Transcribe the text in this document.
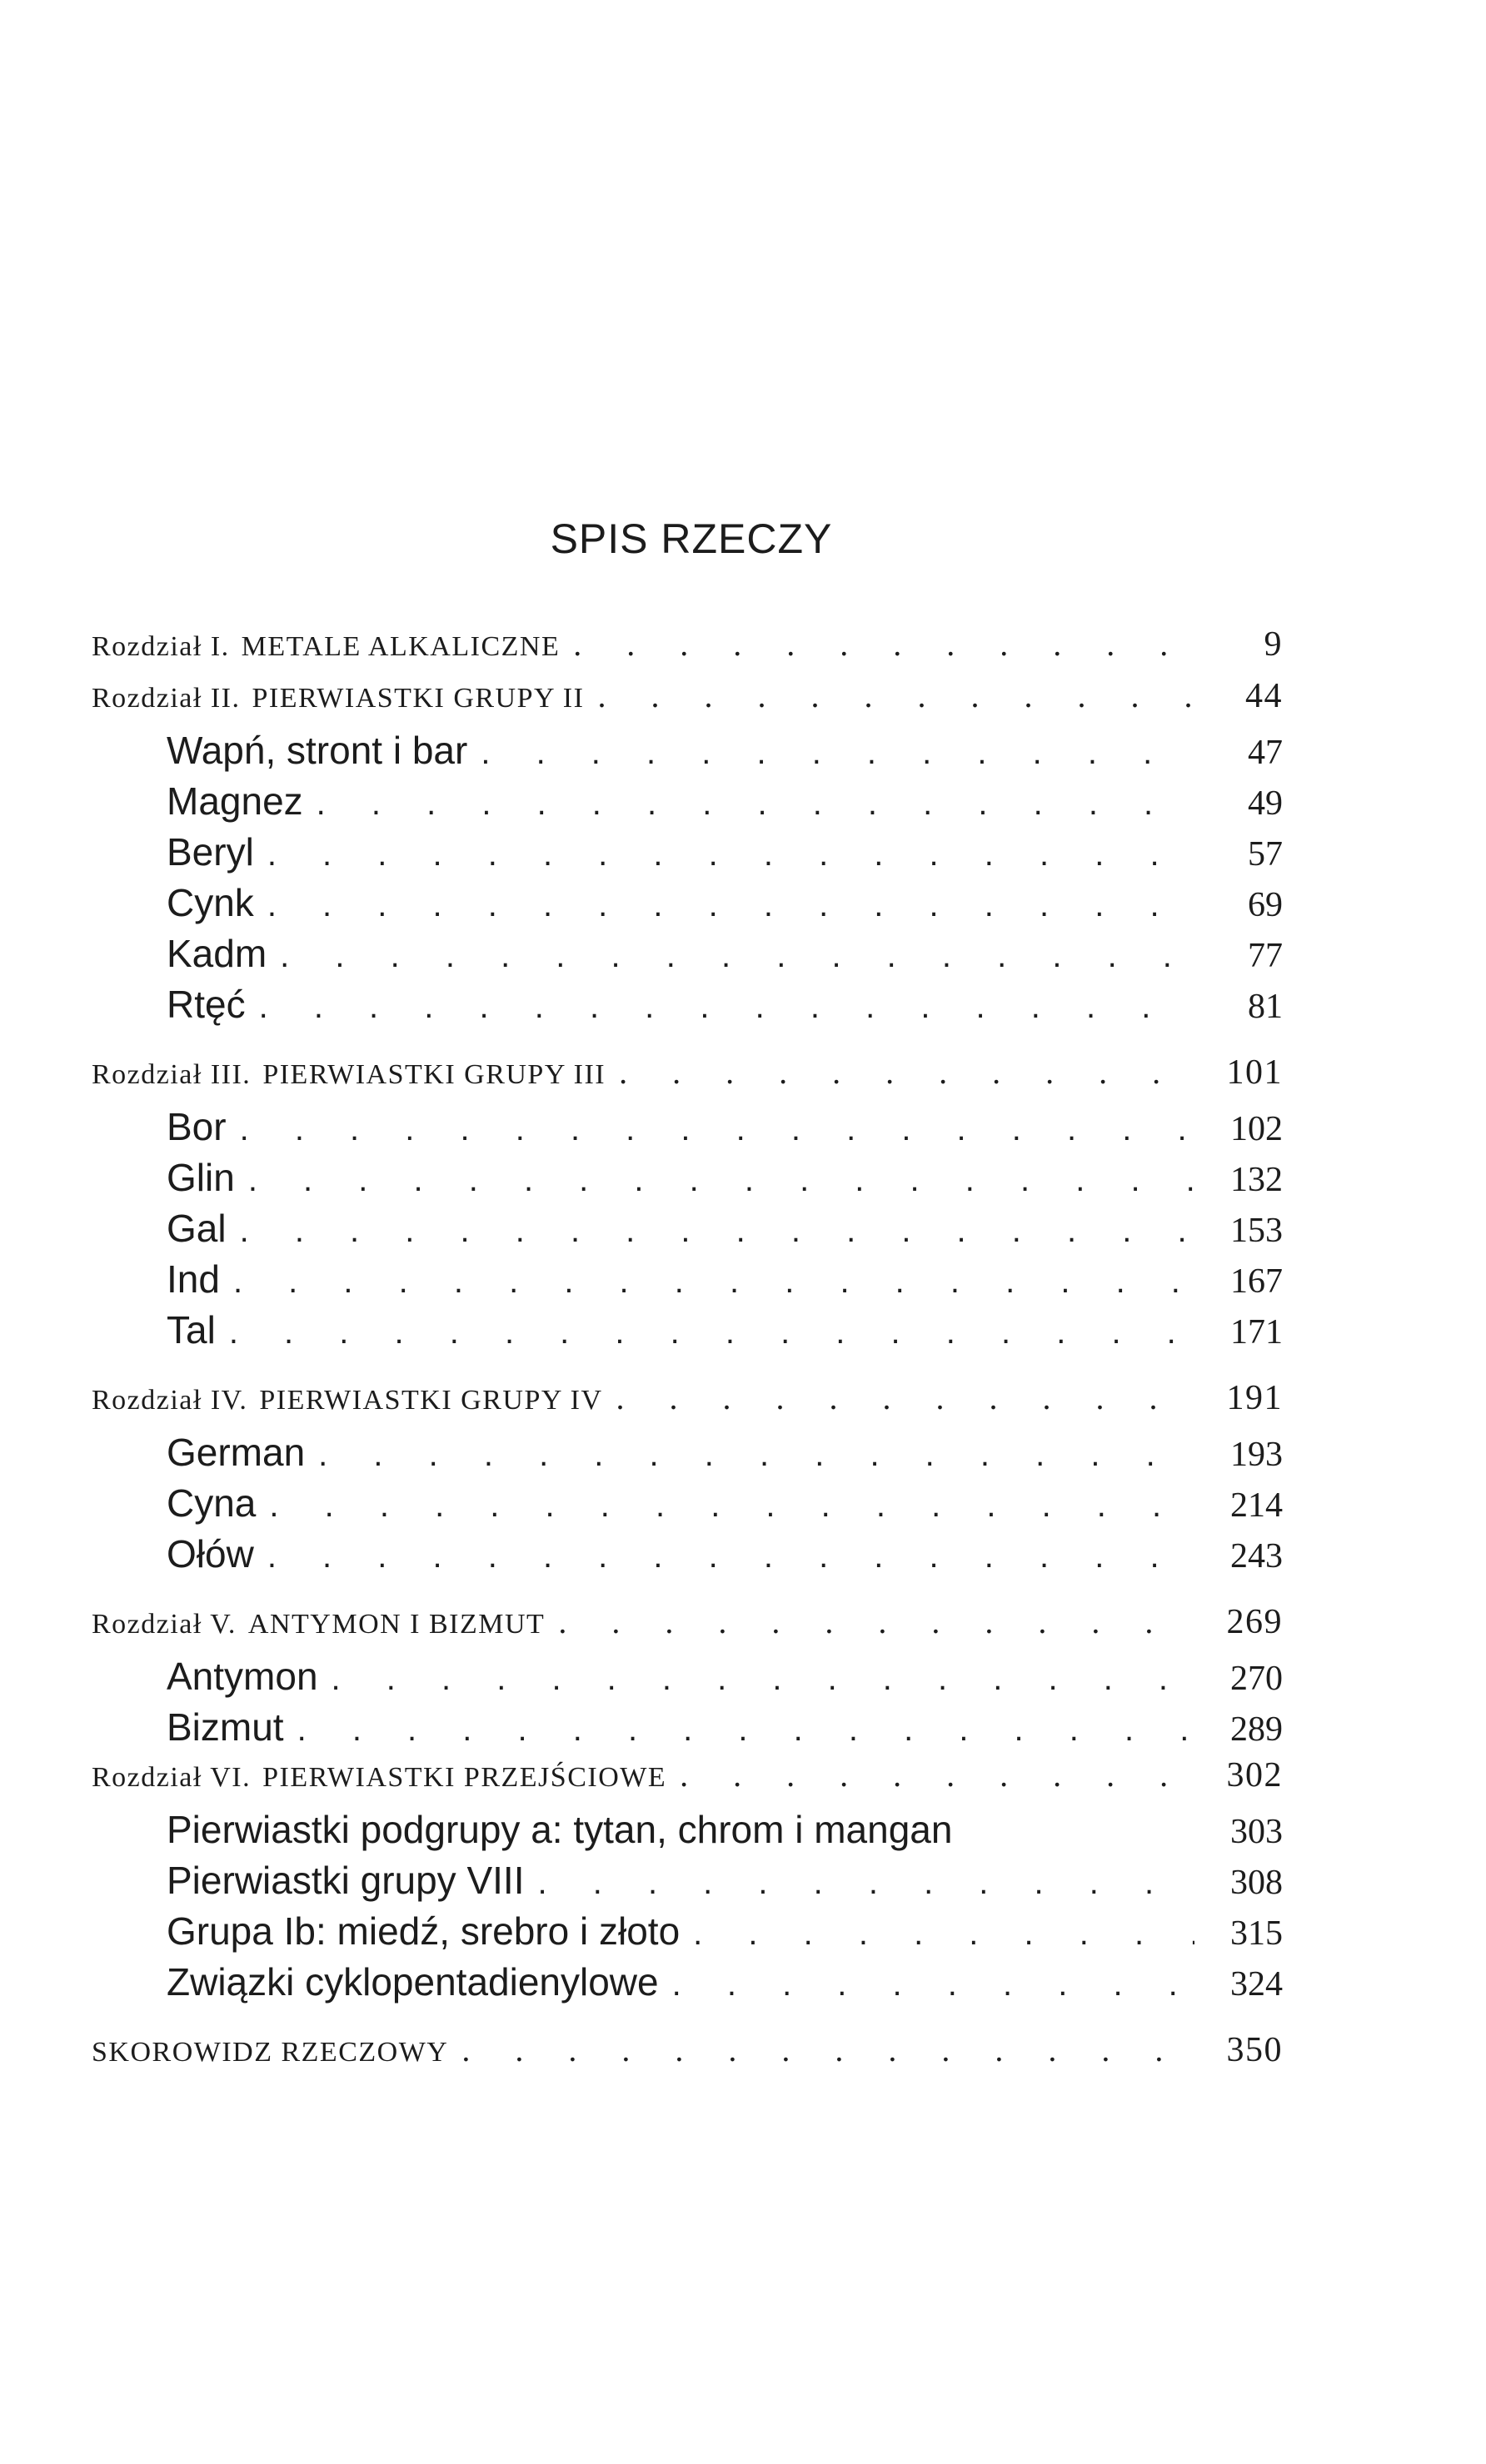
SPIS RZECZY
Rozdział I. METALE ALKALICZNE . . .	9
Rozdział II. PIERWIASTKI GRUPY II . . .	44
Wapń, stront i bar . . .	47
Magnez . . .	49
Beryl . . .	57
Cynk . . .	69
Kadm . . .	77
Rtęć . . .	81
Rozdział III. PIERWIASTKI GRUPY III . . .	101
Bor . . .	102
Glin . . .	132
Gal . . .	153
Ind . . .	167
Tal . . .	171
Rozdział IV. PIERWIASTKI GRUPY IV . . .	191
German . . .	193
Cyna . . .	214
Ołów . . .	243
Rozdział V. ANTYMON I BIZMUT . . .	269
Antymon . . .	270
Bizmut . . .	289
Rozdział VI. PIERWIASTKI PRZEJŚCIOWE . . .	302
Pierwiastki podgrupy a: tytan, chrom i mangan	303
Pierwiastki grupy VIII . . .	308
Grupa Ib: miedź, srebro i złoto . . .	315
Związki cyklopentadienylowe . . .	324
SKOROWIDZ RZECZOWY . . .	350
